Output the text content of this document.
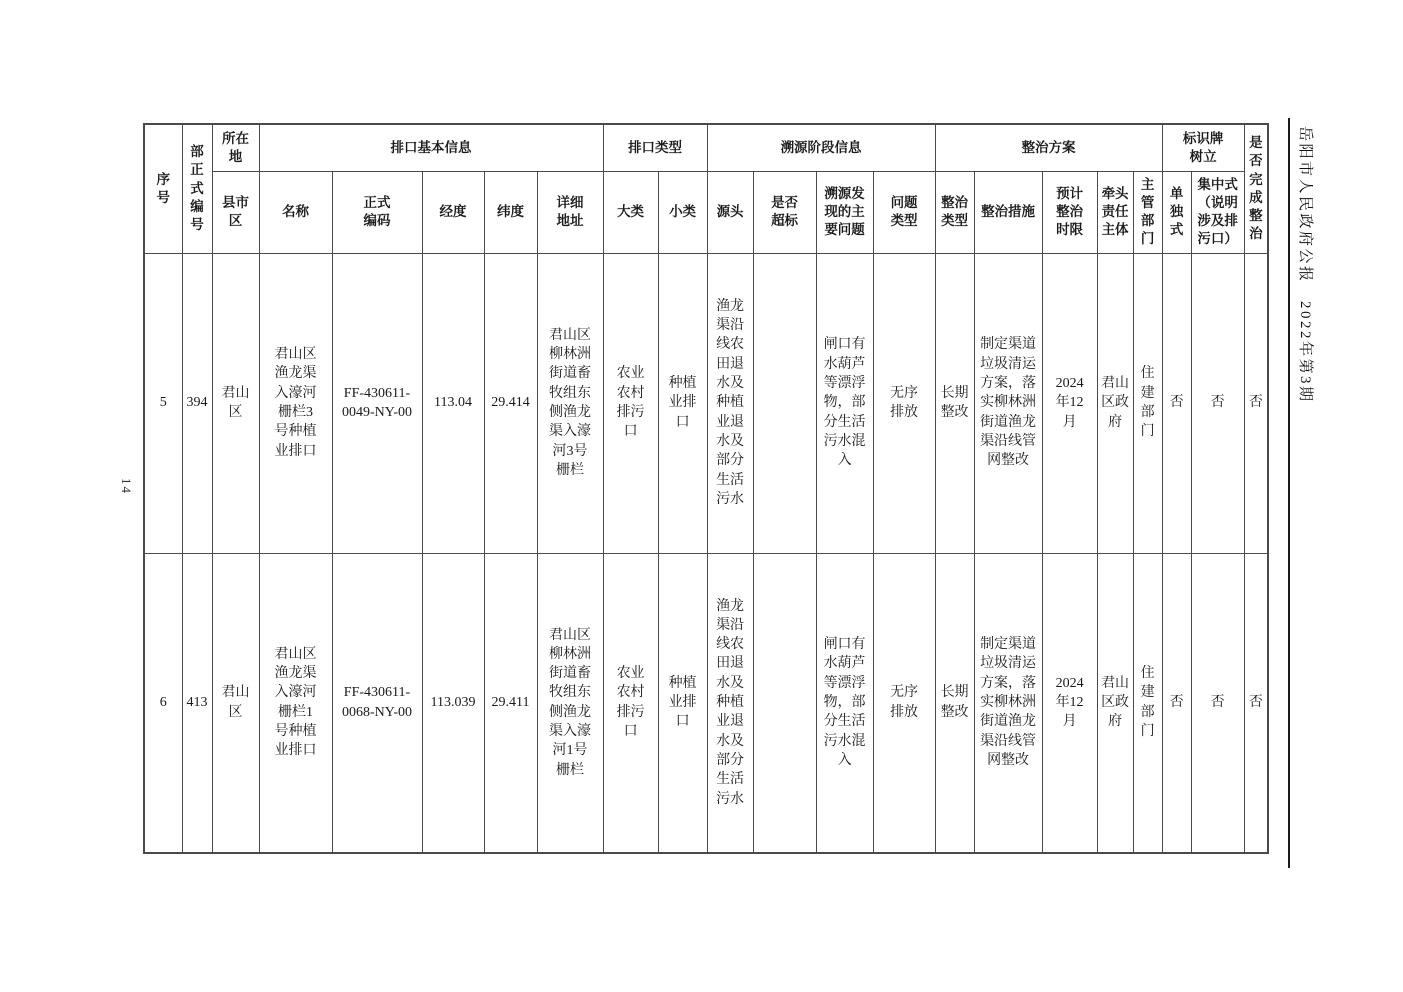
序号	部正式编号	所在地	排口基本信息					排口类型		溯源阶段信息				整治方案					标识牌树立		是否完成整治
		县市区	名称	正式编码	经度	纬度	详细地址	大类	小类	源头	是否超标	溯源发现的主要问题	问题类型	整治类型	整治措施	预计整治时限	牵头责任主体	主管部门	单独式	集中式（说明涉及排污口）	
5	394	君山区	君山区渔龙渠入濠河栅栏3号种植业排口	FF-430611-0049-NY-00	113.04	29.414	君山区柳林洲街道畜牧组东侧渔龙渠入濠河3号栅栏	农业农村排污口	种植业排口	渔龙渠沿线农田退水及种植业退水及部分生活污水		闸口有水葫芦等漂浮物，部分生活污水混入	无序排放	长期整改	制定渠道垃圾清运方案，落实柳林洲街道渔龙渠沿线管网整改	2024年12月	君山区政府	住建部门	否	否	否
6	413	君山区	君山区渔龙渠入濠河栅栏1号种植业排口	FF-430611-0068-NY-00	113.039	29.411	君山区柳林洲街道畜牧组东侧渔龙渠入濠河1号栅栏	农业农村排污口	种植业排口	渔龙渠沿线农田退水及种植业退水及部分生活污水		闸口有水葫芦等漂浮物，部分生活污水混入	无序排放	长期整改	制定渠道垃圾清运方案，落实柳林洲街道渔龙渠沿线管网整改	2024年12月	君山区政府	住建部门	否	否	否
岳阳市人民政府公报　2022年第3期
14
